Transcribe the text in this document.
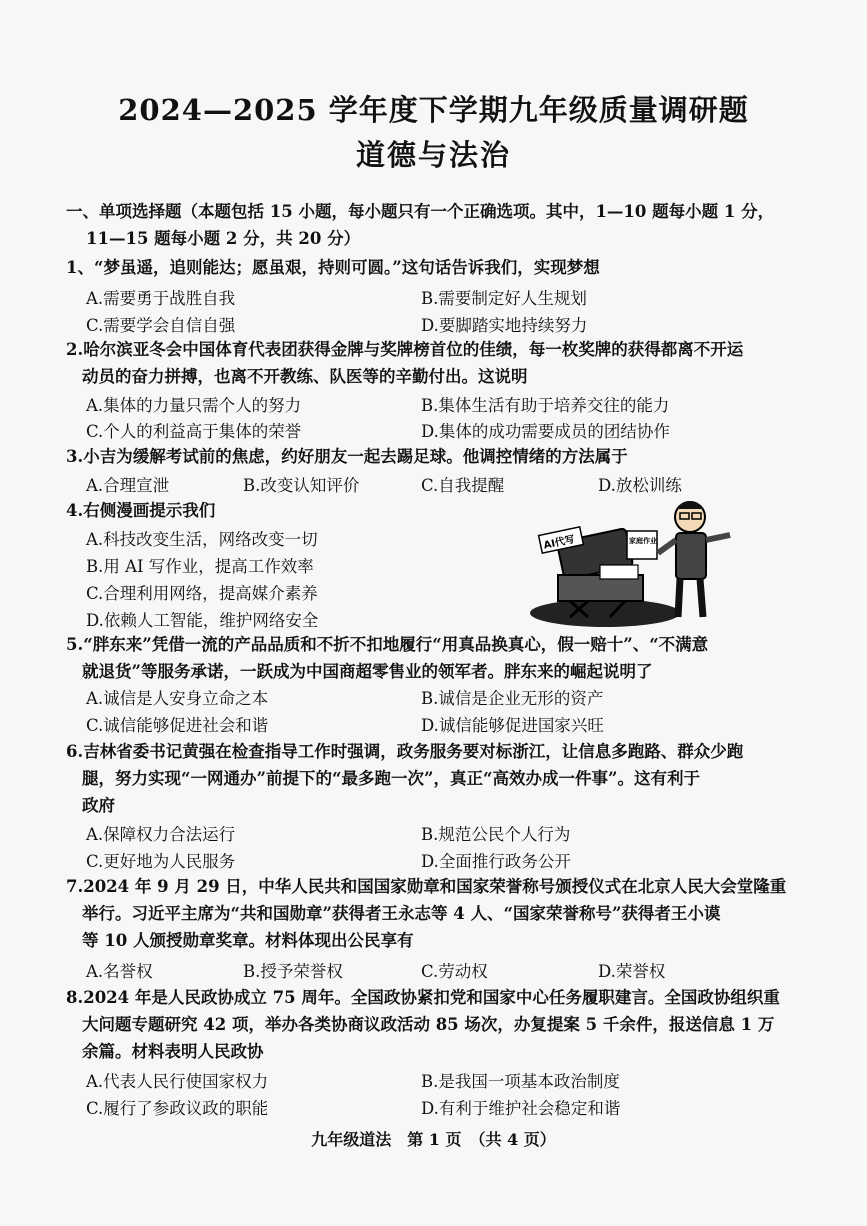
2024—2025 学年度下学期九年级质量调研题
道德与法治
一、单项选择题（本题包括 15 小题，每小题只有一个正确选项。其中，1—10 题每小题 1 分，
11—15 题每小题 2 分，共 20 分）
1、“梦虽遥，追则能达；愿虽艰，持则可圆。”这句话告诉我们，实现梦想
A.需要勇于战胜自我	B.需要制定好人生规划
C.需要学会自信自强	D.要脚踏实地持续努力
2.哈尔滨亚冬会中国体育代表团获得金牌与奖牌榜首位的佳绩，每一枚奖牌的获得都离不开运
动员的奋力拼搏，也离不开教练、队医等的辛勤付出。这说明
A.集体的力量只需个人的努力	B.集体生活有助于培养交往的能力
C.个人的利益高于集体的荣誉	D.集体的成功需要成员的团结协作
3.小吉为缓解考试前的焦虑，约好朋友一起去踢足球。他调控情绪的方法属于
A.合理宣泄	B.改变认知评价	C.自我提醒	D.放松训练
4.右侧漫画提示我们
A.科技改变生活，网络改变一切
B.用 AI 写作业，提高工作效率
C.合理利用网络，提高媒介素养
D.依赖人工智能，维护网络安全
AI代写	家庭作业
5.“胖东来”凭借一流的产品品质和不折不扣地履行“用真品换真心，假一赔十”、“不满意
就退货”等服务承诺，一跃成为中国商超零售业的领军者。胖东来的崛起说明了
A.诚信是人安身立命之本	B.诚信是企业无形的资产
C.诚信能够促进社会和谐	D.诚信能够促进国家兴旺
6.吉林省委书记黄强在检查指导工作时强调，政务服务要对标浙江，让信息多跑路、群众少跑
腿，努力实现“一网通办”前提下的“最多跑一次”，真正“高效办成一件事”。这有利于
政府
A.保障权力合法运行	B.规范公民个人行为
C.更好地为人民服务	D.全面推行政务公开
7.2024 年 9 月 29 日，中华人民共和国国家勋章和国家荣誉称号颁授仪式在北京人民大会堂隆重
举行。习近平主席为“共和国勋章”获得者王永志等 4 人、“国家荣誉称号”获得者王小谟
等 10 人颁授勋章奖章。材料体现出公民享有
A.名誉权	B.授予荣誉权	C.劳动权	D.荣誉权
8.2024 年是人民政协成立 75 周年。全国政协紧扣党和国家中心任务履职建言。全国政协组织重
大问题专题研究 42 项，举办各类协商议政活动 85 场次，办复提案 5 千余件，报送信息 1 万
余篇。材料表明人民政协
A.代表人民行使国家权力	B.是我国一项基本政治制度
C.履行了参政议政的职能	D.有利于维护社会稳定和谐
九年级道法　第 1 页　（共 4 页）
